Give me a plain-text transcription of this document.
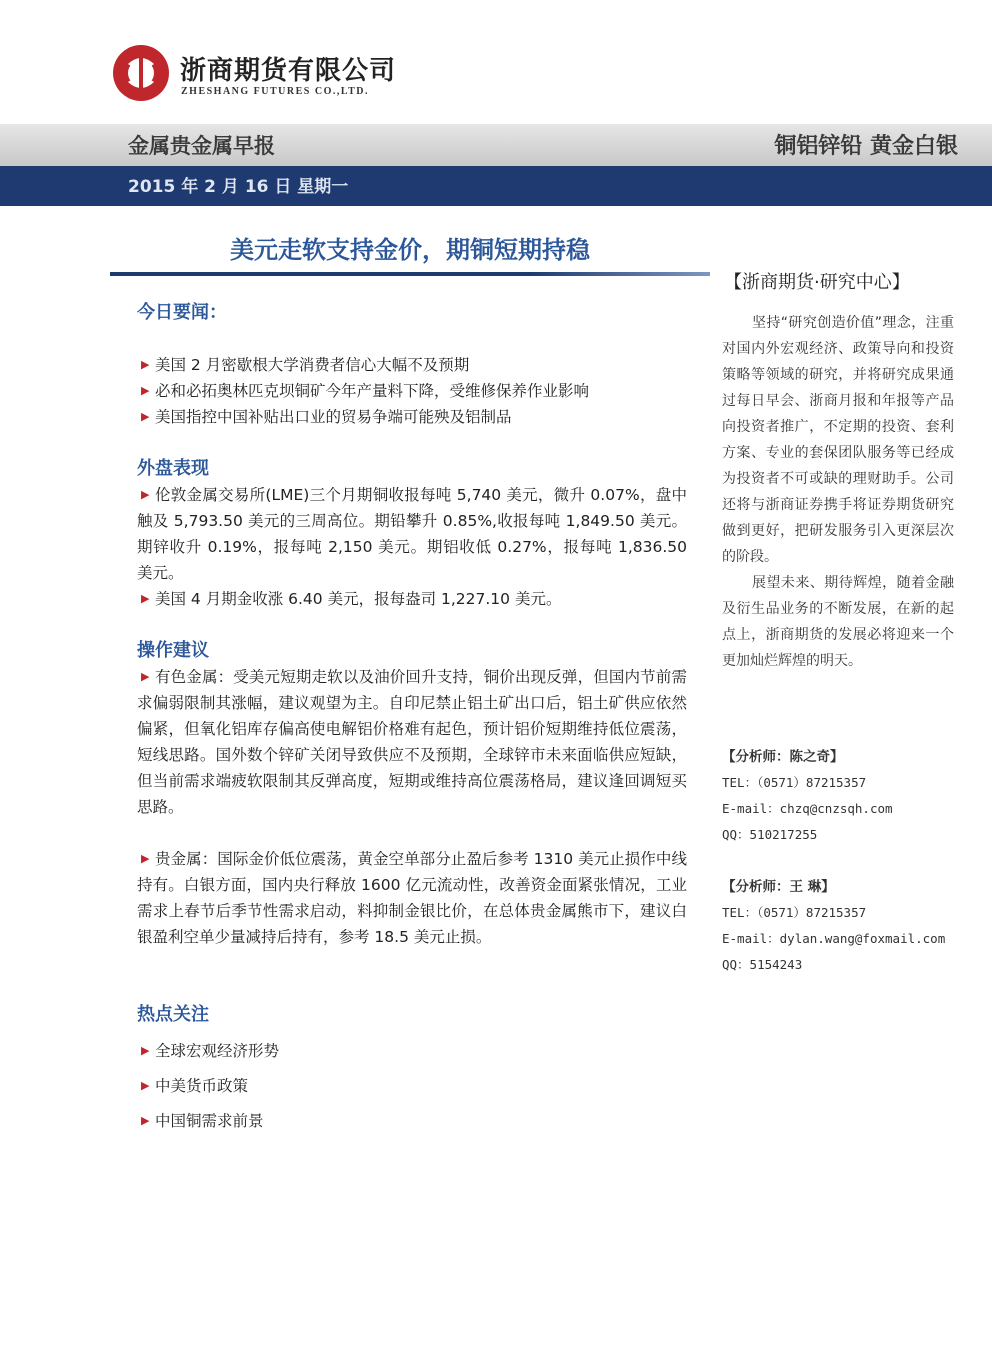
浙商期货有限公司
ZHESHANG FUTURES CO.,LTD.
金属贵金属早报	铜铝锌铅 黄金白银
2015 年 2 月 16 日 星期一
美元走软支持金价，期铜短期持稳
今日要闻：
▶ 美国 2 月密歇根大学消费者信心大幅不及预期
▶ 必和必拓奥林匹克坝铜矿今年产量料下降，受维修保养作业影响
▶ 美国指控中国补贴出口业的贸易争端可能殃及铝制品
外盘表现
▶ 伦敦金属交易所(LME)三个月期铜收报每吨 5,740 美元，微升 0.07%，盘中触及 5,793.50 美元的三周高位。期铅攀升 0.85%,收报每吨 1,849.50 美元。期锌收升 0.19%，报每吨 2,150 美元。期铝收低 0.27%，报每吨 1,836.50 美元。
▶ 美国 4 月期金收涨 6.40 美元，报每盎司 1,227.10 美元。
操作建议
▶ 有色金属：受美元短期走软以及油价回升支持，铜价出现反弹，但国内节前需求偏弱限制其涨幅，建议观望为主。自印尼禁止铝土矿出口后，铝土矿供应依然偏紧，但氧化铝库存偏高使电解铝价格难有起色，预计铝价短期维持低位震荡，短线思路。国外数个锌矿关闭导致供应不及预期，全球锌市未来面临供应短缺，但当前需求端疲软限制其反弹高度，短期或维持高位震荡格局，建议逢回调短买思路。
▶ 贵金属：国际金价低位震荡，黄金空单部分止盈后参考 1310 美元止损作中线持有。白银方面，国内央行释放 1600 亿元流动性，改善资金面紧张情况，工业需求上春节后季节性需求启动，料抑制金银比价，在总体贵金属熊市下，建议白银盈利空单少量减持后持有，参考 18.5 美元止损。
热点关注
▶ 全球宏观经济形势
▶ 中美货币政策
▶ 中国铜需求前景
【浙商期货·研究中心】
坚持“研究创造价值”理念，注重对国内外宏观经济、政策导向和投资策略等领域的研究，并将研究成果通过每日早会、浙商月报和年报等产品向投资者推广，不定期的投资、套利方案、专业的套保团队服务等已经成为投资者不可或缺的理财助手。公司还将与浙商证券携手将证券期货研究做到更好，把研发服务引入更深层次的阶段。
展望未来、期待辉煌，随着金融及衍生品业务的不断发展，在新的起点上，浙商期货的发展必将迎来一个更加灿烂辉煌的明天。
【分析师：陈之奇】
TEL：（0571）87215357
E-mail：chzq@cnzsqh.com
QQ：510217255
【分析师：王 琳】
TEL：（0571）87215357
E-mail：dylan.wang@foxmail.com
QQ：5154243
